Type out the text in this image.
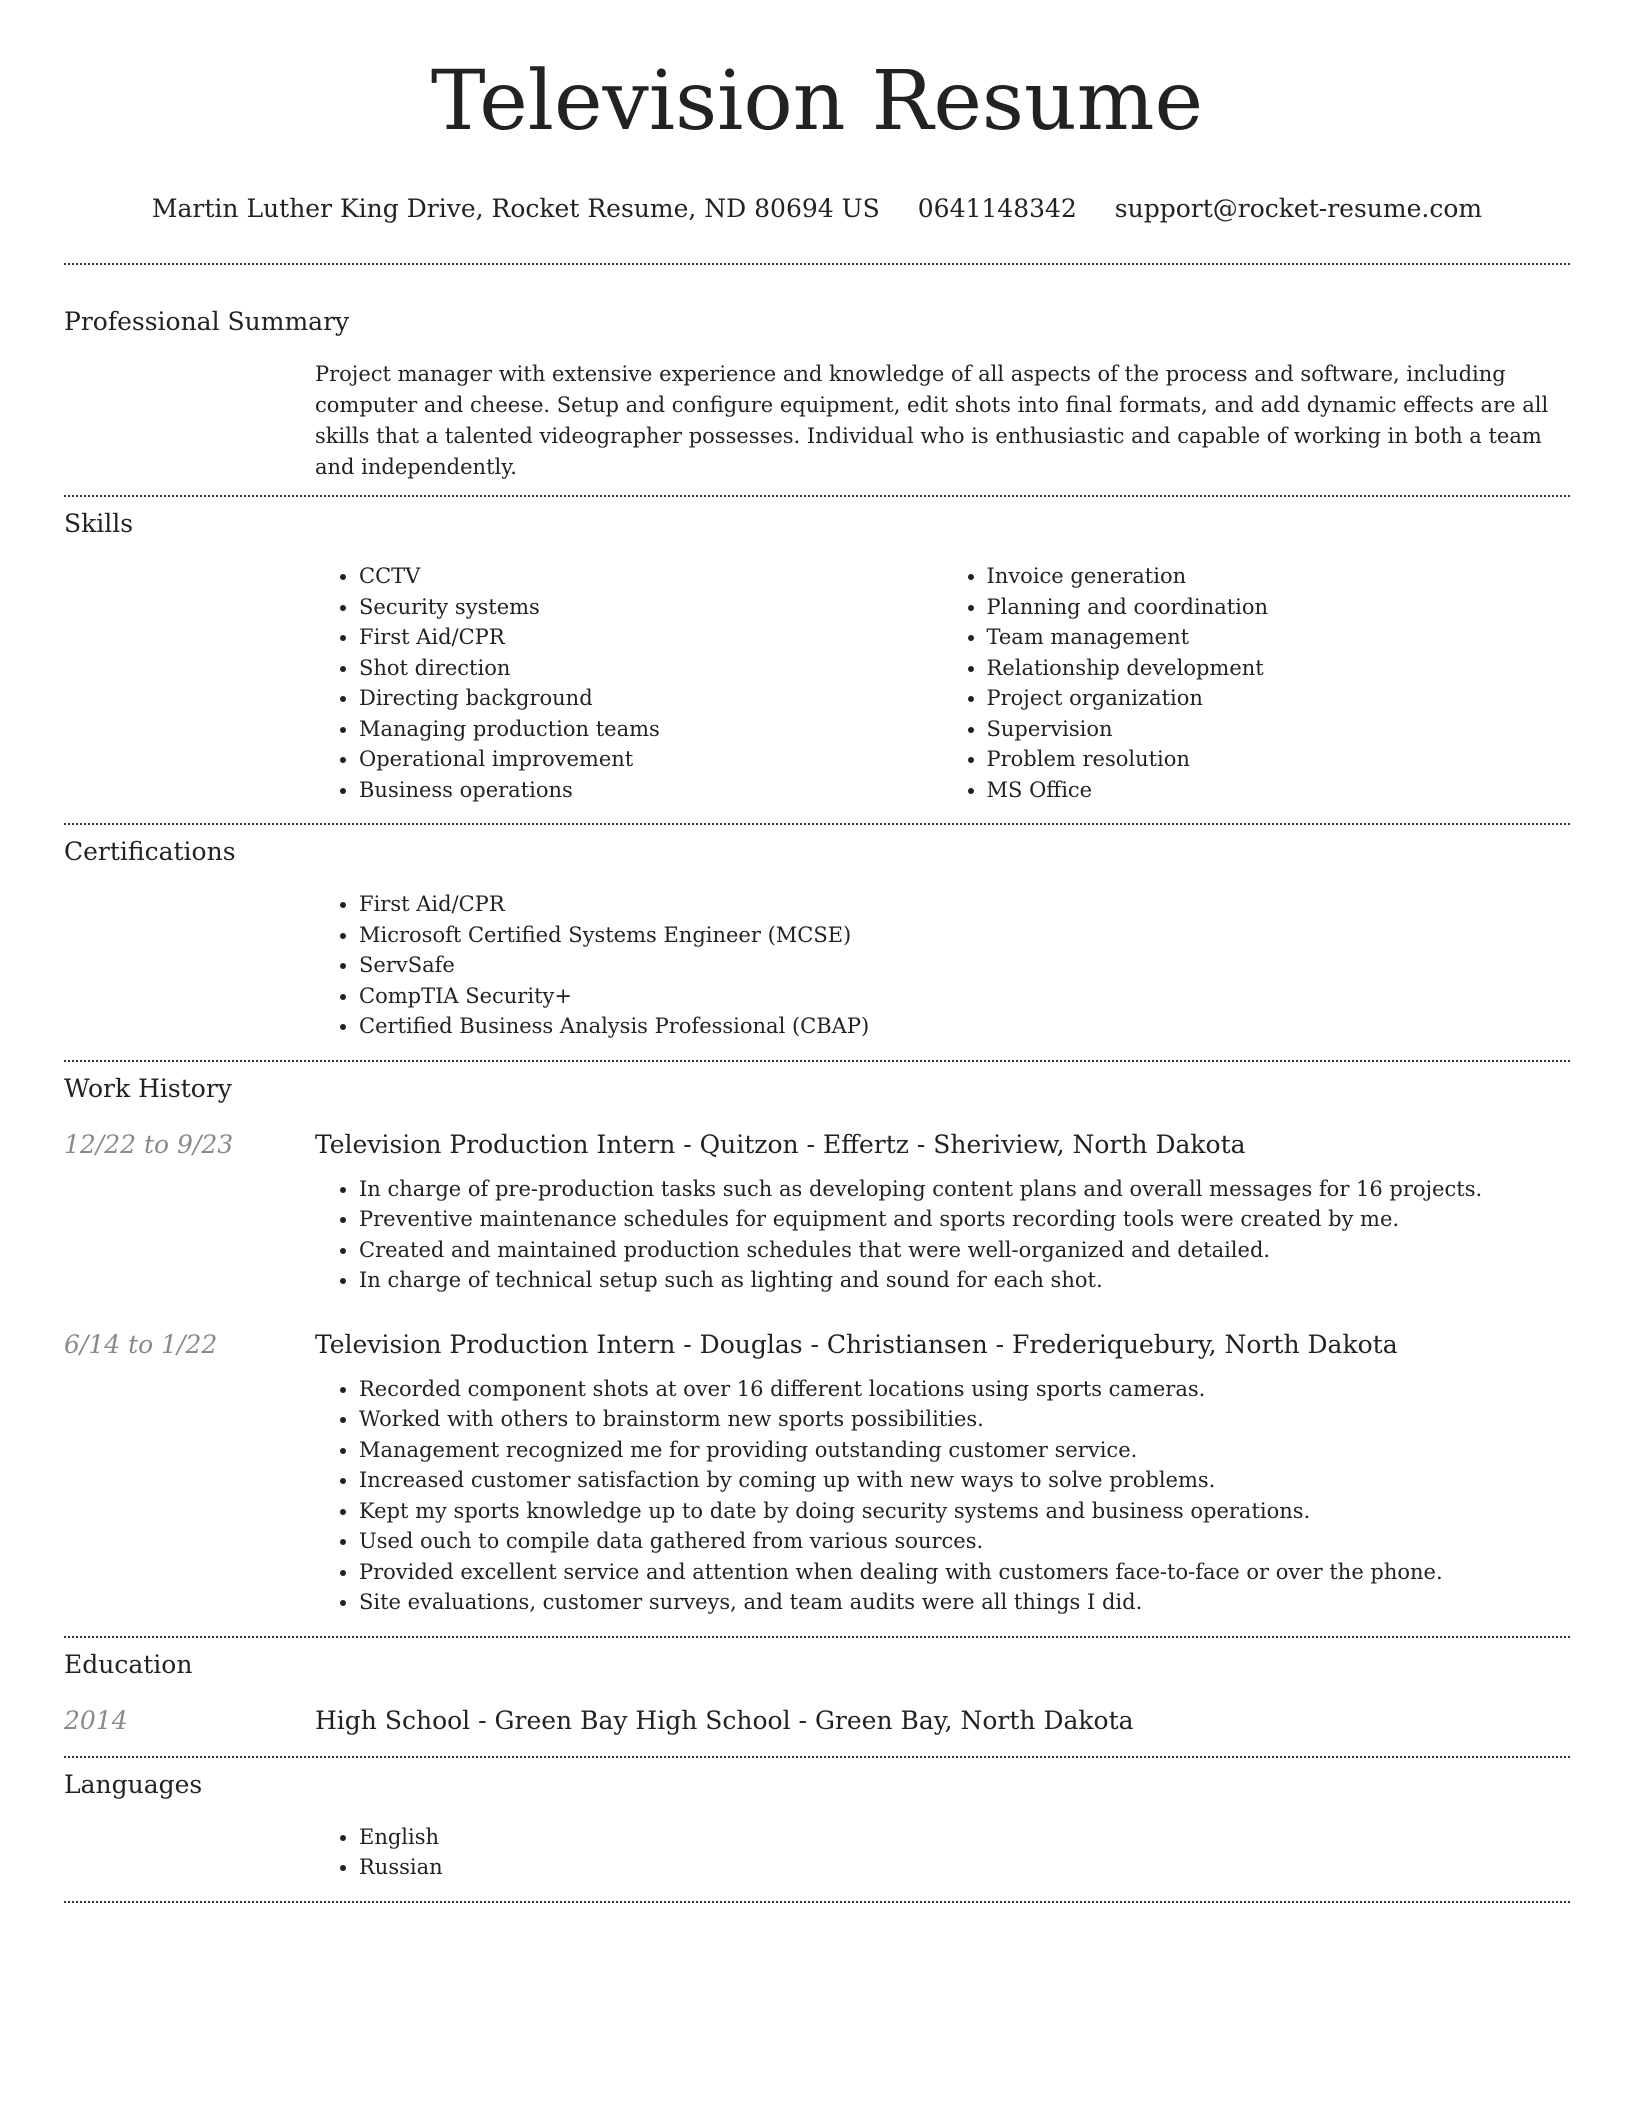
Television Resume
Martin Luther King Drive, Rocket Resume, ND 80694 US 0641148342 support@rocket-resume.com
Professional Summary

Project manager with extensive experience and knowledge of all aspects of the process and software, including computer and cheese. Setup and configure equipment, edit shots into final formats, and add dynamic effects are all skills that a talented videographer possesses. Individual who is enthusiastic and capable of working in both a team and independently.

Skills
• CCTV
• Security systems
• First Aid/CPR
• Shot direction
• Directing background
• Managing production teams
• Operational improvement
• Business operations
• Invoice generation
• Planning and coordination
• Team management
• Relationship development
• Project organization
• Supervision
• Problem resolution
• MS Office
Certifications
• First Aid/CPR
• Microsoft Certified Systems Engineer (MCSE)
• ServSafe
• CompTIA Security+
• Certified Business Analysis Professional (CBAP)
Work History
12/22 to 9/23	Television Production Intern - Quitzon - Effertz - Sheriview, North Dakota
• In charge of pre-production tasks such as developing content plans and overall messages for 16 projects.
• Preventive maintenance schedules for equipment and sports recording tools were created by me.
• Created and maintained production schedules that were well-organized and detailed.
• In charge of technical setup such as lighting and sound for each shot.
6/14 to 1/22	Television Production Intern - Douglas - Christiansen - Frederiquebury, North Dakota
• Recorded component shots at over 16 different locations using sports cameras.
• Worked with others to brainstorm new sports possibilities.
• Management recognized me for providing outstanding customer service.
• Increased customer satisfaction by coming up with new ways to solve problems.
• Kept my sports knowledge up to date by doing security systems and business operations.
• Used ouch to compile data gathered from various sources.
• Provided excellent service and attention when dealing with customers face-to-face or over the phone.
• Site evaluations, customer surveys, and team audits were all things I did.
Education
2014	High School - Green Bay High School - Green Bay, North Dakota
Languages
• English
• Russian
